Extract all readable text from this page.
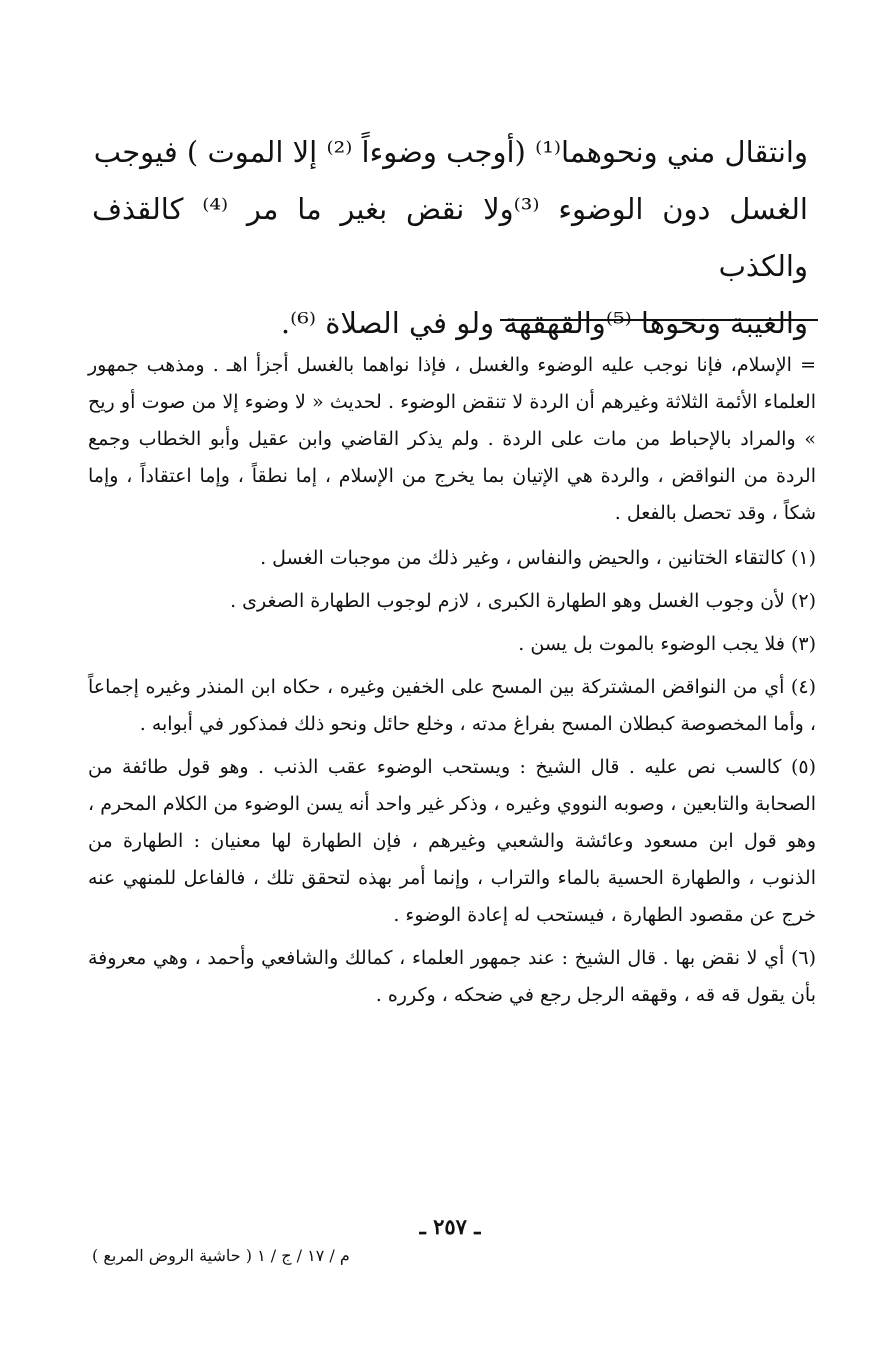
وانتقال مني ونحوهما⁽¹⁾ (أوجب وضوءاً ⁽²⁾ إلا الموت ) فيوجب

الغسل دون الوضوء ⁽³⁾ولا نقض بغير ما مر ⁽⁴⁾ كالقذف والكذب

والغيبة ونحوها ⁽⁵⁾والقهقهة ولو في الصلاة ⁽⁶⁾.

= الإسلام، فإنا نوجب عليه الوضوء والغسل ، فإذا نواهما بالغسل أجزأ اهـ . ومذهب جمهور العلماء الأئمة الثلاثة وغيرهم أن الردة لا تنقض الوضوء . لحديث « لا وضوء إلا من صوت أو ريح » والمراد بالإحباط من مات على الردة . ولم يذكر القاضي وابن عقيل وأبو الخطاب وجمع الردة من النواقض ، والردة هي الإتيان بما يخرج من الإسلام ، إما نطقاً ، وإما اعتقاداً ، وإما شكاً ، وقد تحصل بالفعل .

(١) كالتقاء الختانين ، والحيض والنفاس ، وغير ذلك من موجبات الغسل .

(٢) لأن وجوب الغسل وهو الطهارة الكبرى ، لازم لوجوب الطهارة الصغرى .

(٣) فلا يجب الوضوء بالموت بل يسن .

(٤) أي من النواقض المشتركة بين المسح على الخفين وغيره ، حكاه ابن المنذر وغيره إجماعاً ، وأما المخصوصة كبطلان المسح بفراغ مدته ، وخلع حائل ونحو ذلك فمذكور في أبوابه .

(٥) كالسب نص عليه . قال الشيخ : ويستحب الوضوء عقب الذنب . وهو قول طائفة من الصحابة والتابعين ، وصوبه النووي وغيره ، وذكر غير واحد أنه يسن الوضوء من الكلام المحرم ، وهو قول ابن مسعود وعائشة والشعبي وغيرهم ، فإن الطهارة لها معنيان : الطهارة من الذنوب ، والطهارة الحسية بالماء والتراب ، وإنما أمر بهذه لتحقق تلك ، فالفاعل للمنهي عنه خرج عن مقصود الطهارة ، فيستحب له إعادة الوضوء .

(٦) أي لا نقض بها . قال الشيخ : عند جمهور العلماء ، كمالك والشافعي وأحمد ، وهي معروفة بأن يقول قه قه ، وقهقه الرجل رجع في ضحكه ، وكرره .

ـ ٢٥٧ ـ
م / ١٧ / ج / ١ ( حاشية الروض المربع )
